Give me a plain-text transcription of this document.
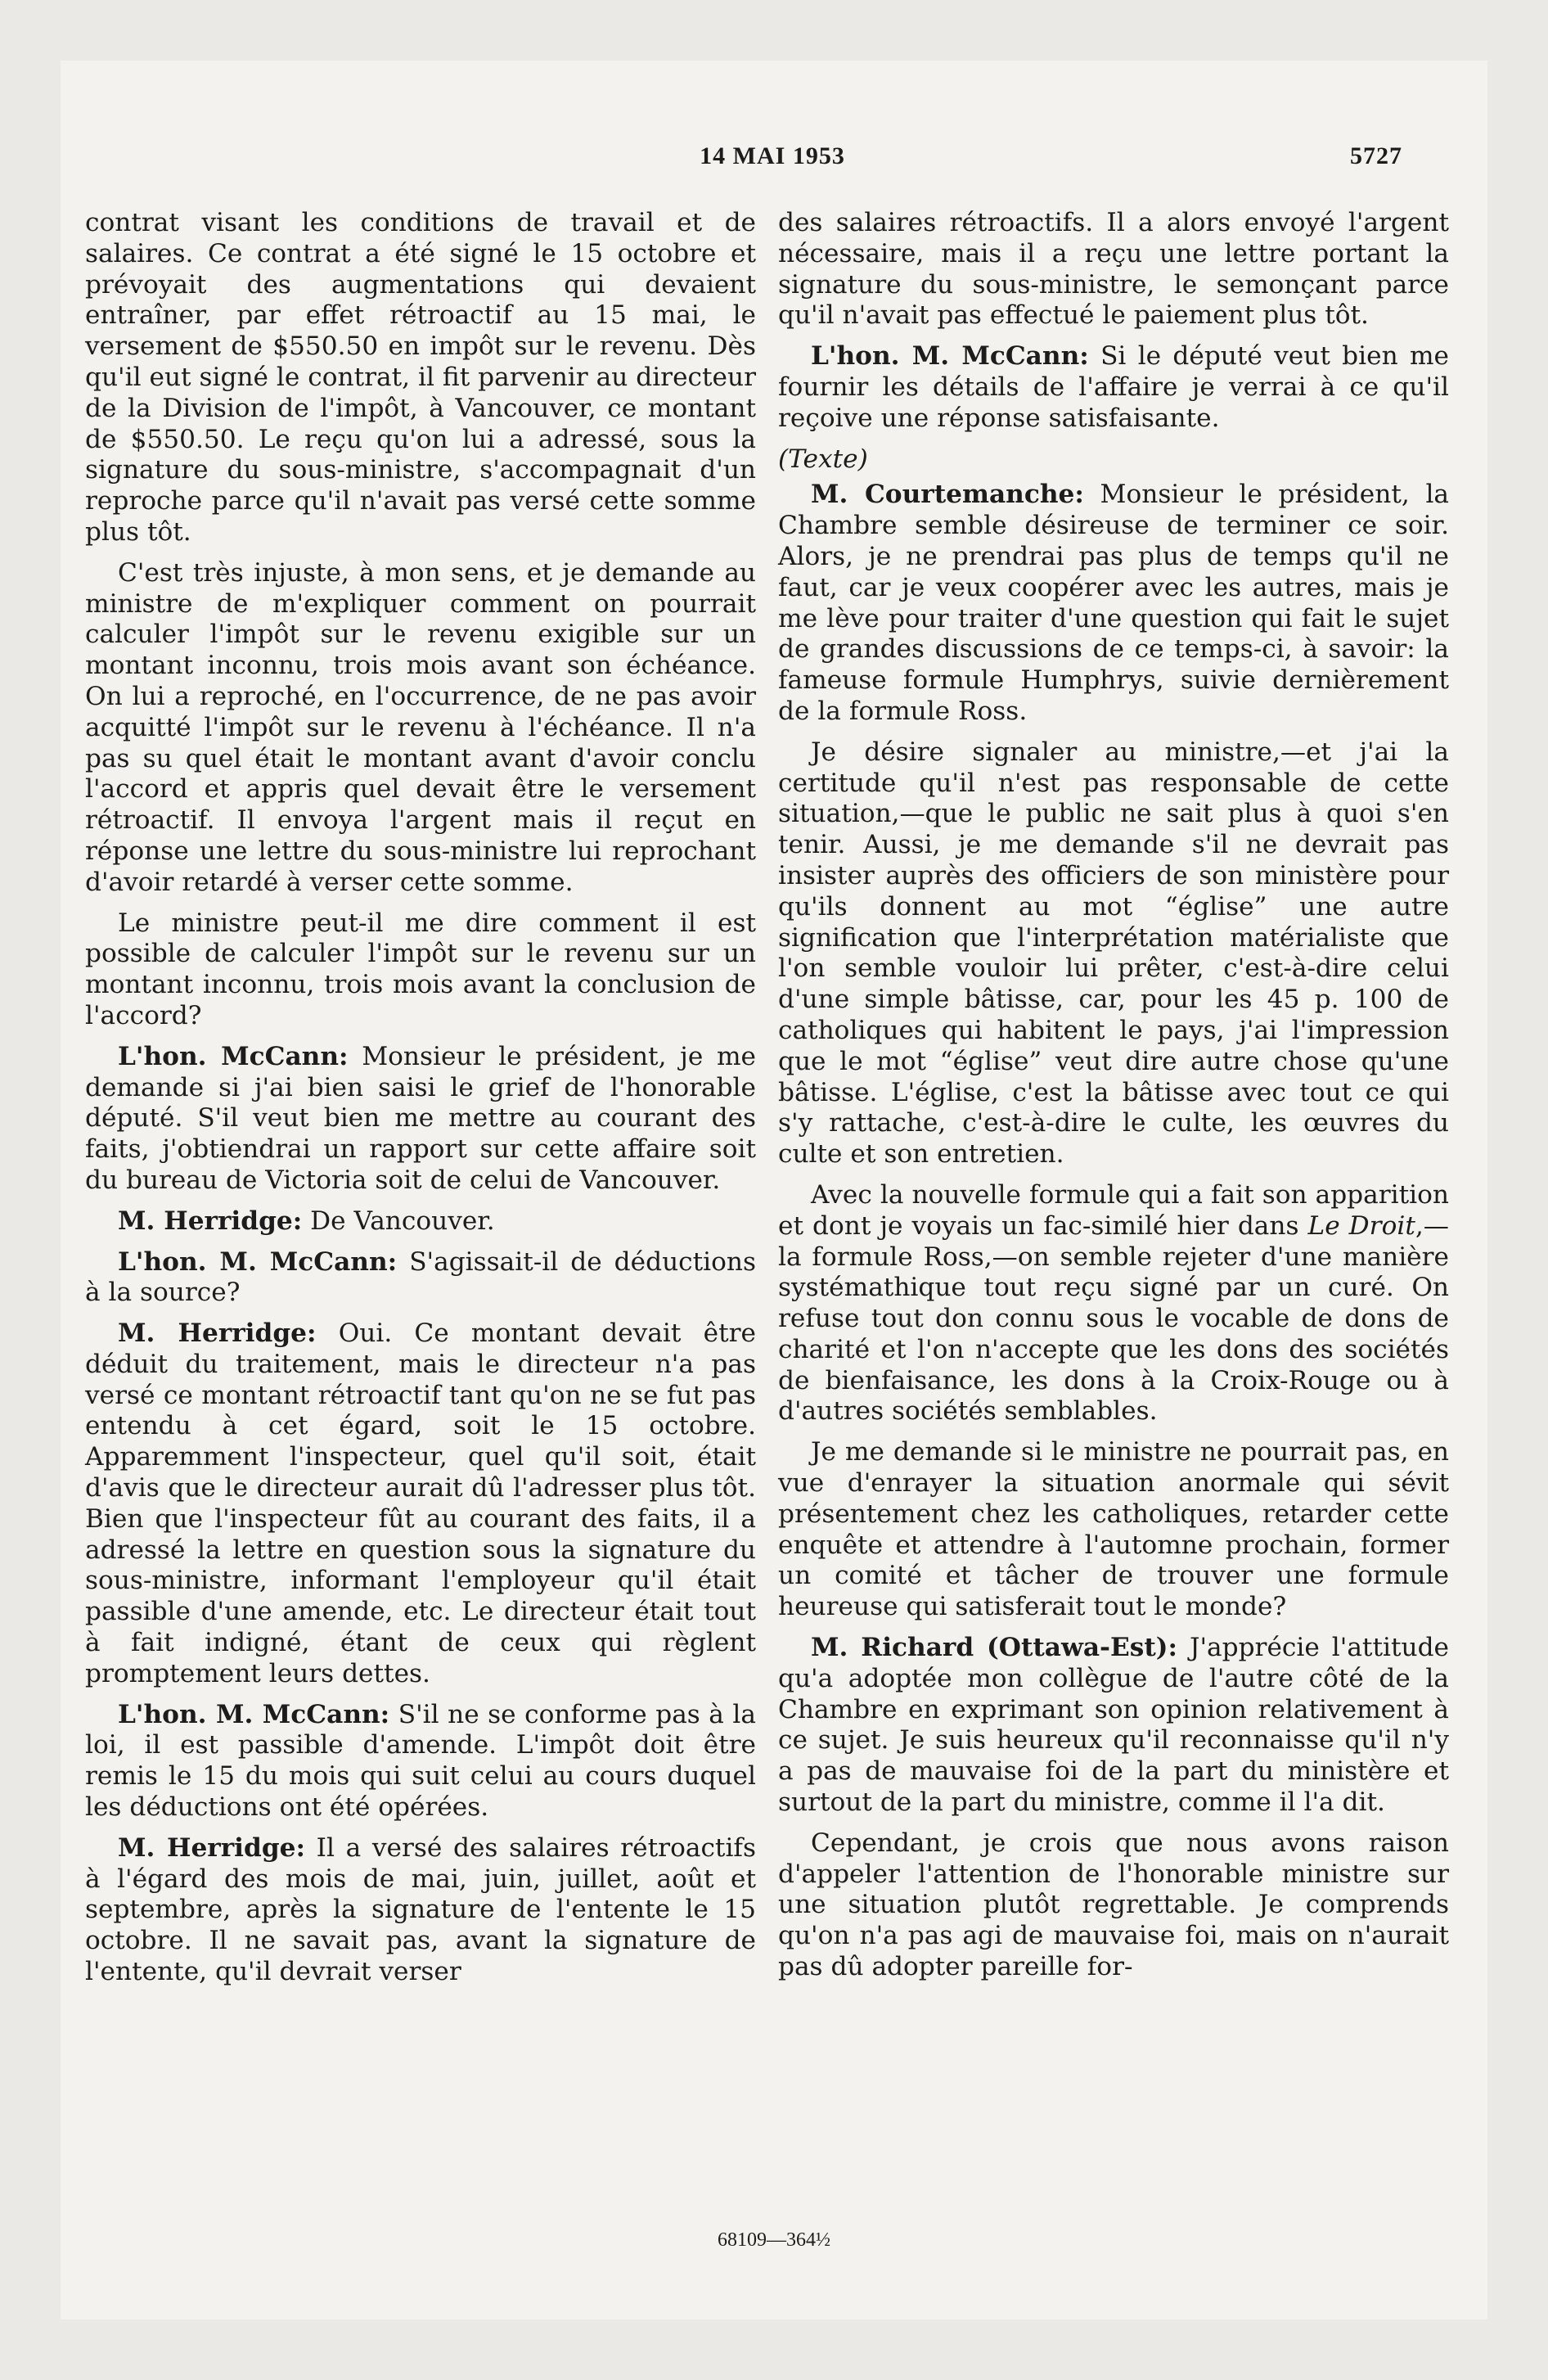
14 MAI 1953	5727

contrat visant les conditions de travail et de salaires. Ce contrat a été signé le 15 octobre et prévoyait des augmentations qui devaient entraîner, par effet rétroactif au 15 mai, le versement de $550.50 en impôt sur le revenu. Dès qu'il eut signé le contrat, il fit parvenir au directeur de la Division de l'impôt, à Vancouver, ce montant de $550.50. Le reçu qu'on lui a adressé, sous la signature du sous-ministre, s'accompagnait d'un reproche parce qu'il n'avait pas versé cette somme plus tôt.

C'est très injuste, à mon sens, et je demande au ministre de m'expliquer comment on pourrait calculer l'impôt sur le revenu exigible sur un montant inconnu, trois mois avant son échéance. On lui a reproché, en l'occurrence, de ne pas avoir acquitté l'impôt sur le revenu à l'échéance. Il n'a pas su quel était le montant avant d'avoir conclu l'accord et appris quel devait être le versement rétroactif. Il envoya l'argent mais il reçut en réponse une lettre du sous-ministre lui reprochant d'avoir retardé à verser cette somme.

Le ministre peut-il me dire comment il est possible de calculer l'impôt sur le revenu sur un montant inconnu, trois mois avant la conclusion de l'accord?

L'hon. McCann: Monsieur le président, je me demande si j'ai bien saisi le grief de l'honorable député. S'il veut bien me mettre au courant des faits, j'obtiendrai un rapport sur cette affaire soit du bureau de Victoria soit de celui de Vancouver.

M. Herridge: De Vancouver.

L'hon. M. McCann: S'agissait-il de déductions à la source?

M. Herridge: Oui. Ce montant devait être déduit du traitement, mais le directeur n'a pas versé ce montant rétroactif tant qu'on ne se fut pas entendu à cet égard, soit le 15 octobre. Apparemment l'inspecteur, quel qu'il soit, était d'avis que le directeur aurait dû l'adresser plus tôt. Bien que l'inspecteur fût au courant des faits, il a adressé la lettre en question sous la signature du sous-ministre, informant l'employeur qu'il était passible d'une amende, etc. Le directeur était tout à fait indigné, étant de ceux qui règlent promptement leurs dettes.

L'hon. M. McCann: S'il ne se conforme pas à la loi, il est passible d'amende. L'impôt doit être remis le 15 du mois qui suit celui au cours duquel les déductions ont été opérées.

M. Herridge: Il a versé des salaires rétroactifs à l'égard des mois de mai, juin, juillet, août et septembre, après la signature de l'entente le 15 octobre. Il ne savait pas, avant la signature de l'entente, qu'il devrait verser

des salaires rétroactifs. Il a alors envoyé l'argent nécessaire, mais il a reçu une lettre portant la signature du sous-ministre, le semonçant parce qu'il n'avait pas effectué le paiement plus tôt.

L'hon. M. McCann: Si le député veut bien me fournir les détails de l'affaire je verrai à ce qu'il reçoive une réponse satisfaisante.

(Texte)

M. Courtemanche: Monsieur le président, la Chambre semble désireuse de terminer ce soir. Alors, je ne prendrai pas plus de temps qu'il ne faut, car je veux coopérer avec les autres, mais je me lève pour traiter d'une question qui fait le sujet de grandes discussions de ce temps-ci, à savoir: la fameuse formule Humphrys, suivie dernièrement de la formule Ross.

Je désire signaler au ministre,—et j'ai la certitude qu'il n'est pas responsable de cette situation,—que le public ne sait plus à quoi s'en tenir. Aussi, je me demande s'il ne devrait pas insister auprès des officiers de son ministère pour qu'ils donnent au mot “église” une autre signification que l'interprétation matérialiste que l'on semble vouloir lui prêter, c'est-à-dire celui d'une simple bâtisse, car, pour les 45 p. 100 de catholiques qui habitent le pays, j'ai l'impression que le mot “église” veut dire autre chose qu'une bâtisse. L'église, c'est la bâtisse avec tout ce qui s'y rattache, c'est-à-dire le culte, les œuvres du culte et son entretien.

Avec la nouvelle formule qui a fait son apparition et dont je voyais un fac-similé hier dans Le Droit,—la formule Ross,—on semble rejeter d'une manière systémathique tout reçu signé par un curé. On refuse tout don connu sous le vocable de dons de charité et l'on n'accepte que les dons des sociétés de bienfaisance, les dons à la Croix-Rouge ou à d'autres sociétés semblables.

Je me demande si le ministre ne pourrait pas, en vue d'enrayer la situation anormale qui sévit présentement chez les catholiques, retarder cette enquête et attendre à l'automne prochain, former un comité et tâcher de trouver une formule heureuse qui satisferait tout le monde?

M. Richard (Ottawa-Est): J'apprécie l'attitude qu'a adoptée mon collègue de l'autre côté de la Chambre en exprimant son opinion relativement à ce sujet. Je suis heureux qu'il reconnaisse qu'il n'y a pas de mauvaise foi de la part du ministère et surtout de la part du ministre, comme il l'a dit.

Cependant, je crois que nous avons raison d'appeler l'attention de l'honorable ministre sur une situation plutôt regrettable. Je comprends qu'on n'a pas agi de mauvaise foi, mais on n'aurait pas dû adopter pareille for-

68109—364½
